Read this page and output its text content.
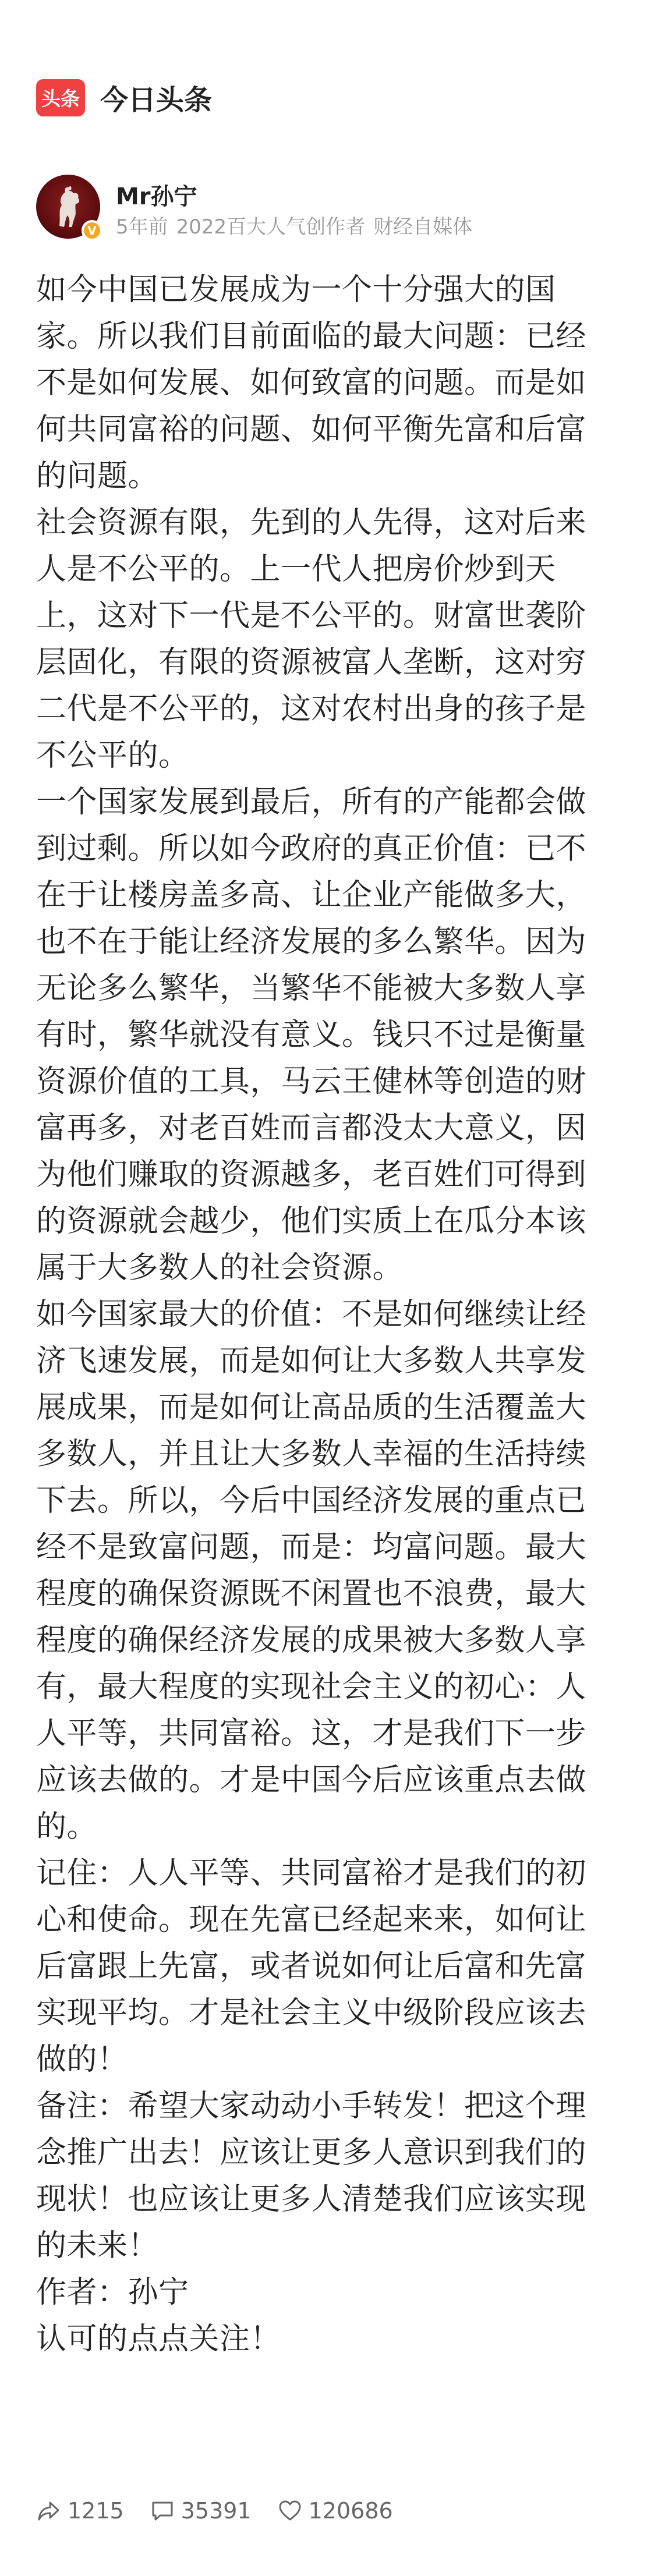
头条 今日头条
V
Mr孙宁
5年前 2022百大人气创作者 财经自媒体

如今中国已发展成为一个十分强大的国
家。所以我们目前面临的最大问题：已经
不是如何发展、如何致富的问题。而是如
何共同富裕的问题、如何平衡先富和后富
的问题。

社会资源有限，先到的人先得，这对后来
人是不公平的。上一代人把房价炒到天
上，这对下一代是不公平的。财富世袭阶
层固化，有限的资源被富人垄断，这对穷
二代是不公平的，这对农村出身的孩子是
不公平的。

一个国家发展到最后，所有的产能都会做
到过剩。所以如今政府的真正价值：已不
在于让楼房盖多高、让企业产能做多大，
也不在于能让经济发展的多么繁华。因为
无论多么繁华，当繁华不能被大多数人享
有时，繁华就没有意义。钱只不过是衡量
资源价值的工具，马云王健林等创造的财
富再多，对老百姓而言都没太大意义，因
为他们赚取的资源越多，老百姓们可得到
的资源就会越少，他们实质上在瓜分本该
属于大多数人的社会资源。

如今国家最大的价值：不是如何继续让经
济飞速发展，而是如何让大多数人共享发
展成果，而是如何让高品质的生活覆盖大
多数人，并且让大多数人幸福的生活持续
下去。所以，今后中国经济发展的重点已
经不是致富问题，而是：均富问题。最大
程度的确保资源既不闲置也不浪费，最大
程度的确保经济发展的成果被大多数人享
有，最大程度的实现社会主义的初心：人
人平等，共同富裕。这，才是我们下一步
应该去做的。才是中国今后应该重点去做
的。

记住：人人平等、共同富裕才是我们的初
心和使命。现在先富已经起来来，如何让
后富跟上先富，或者说如何让后富和先富
实现平均。才是社会主义中级阶段应该去
做的！

备注：希望大家动动小手转发！把这个理
念推广出去！应该让更多人意识到我们的
现状！也应该让更多人清楚我们应该实现
的未来！

作者：孙宁

认可的点点关注！

1215	35391	120686
